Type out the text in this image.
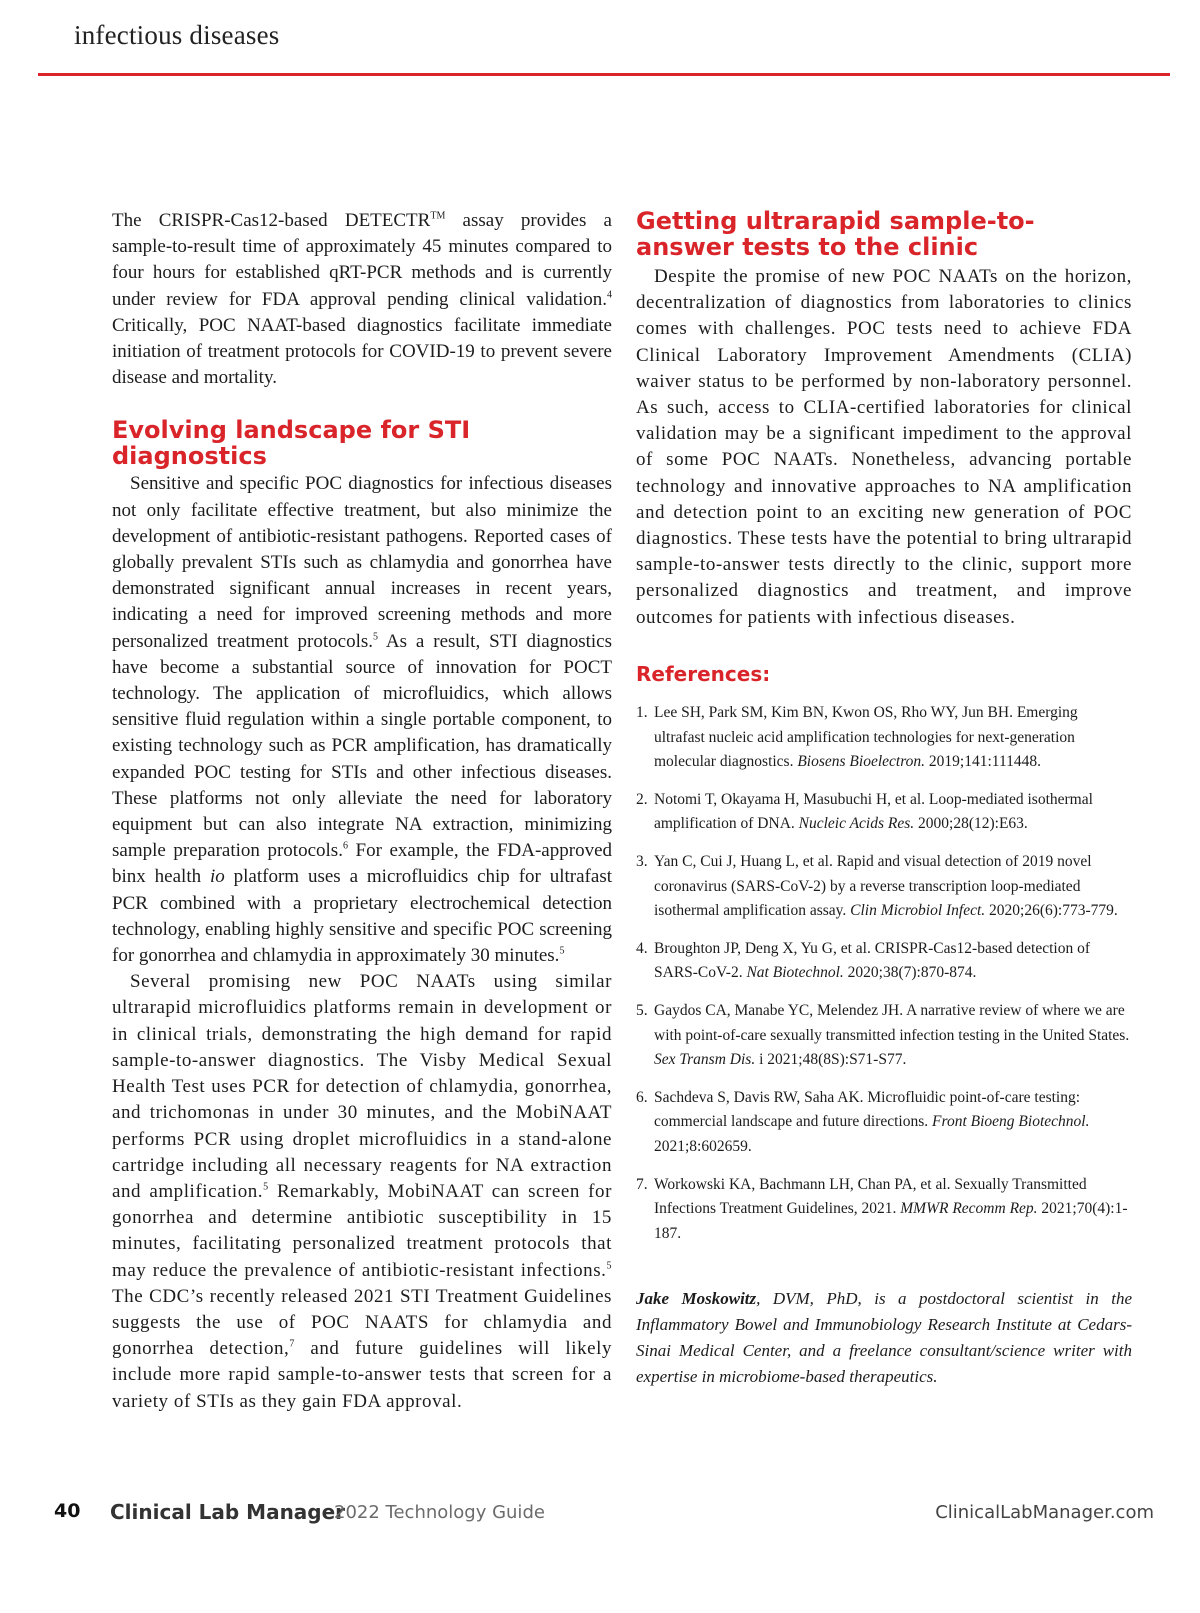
infectious diseases

The CRISPR-Cas12-based DETECTR™ assay provides a sample-to-result time of approximately 45 minutes compared to four hours for established qRT-PCR methods and is currently under review for FDA approval pending clinical validation.$^4$ Critically, POC NAAT-based diagnostics facilitate immediate initiation of treatment protocols for COVID-19 to prevent severe disease and mortality.

Evolving landscape for STI diagnostics

Sensitive and specific POC diagnostics for infectious diseases not only facilitate effective treatment, but also minimize the development of antibiotic-resistant pathogens. Reported cases of globally prevalent STIs such as chlamydia and gonorrhea have demonstrated significant annual increases in recent years, indicating a need for improved screening methods and more personalized treatment protocols.$^5$ As a result, STI diagnostics have become a substantial source of innovation for POCT technology. The application of microfluidics, which allows sensitive fluid regulation within a single portable component, to existing technology such as PCR amplification, has dramatically expanded POC testing for STIs and other infectious diseases. These platforms not only alleviate the need for laboratory equipment but can also integrate NA extraction, minimizing sample preparation protocols.$^6$ For example, the FDA-approved binx health io platform uses a microfluidics chip for ultrafast PCR combined with a proprietary electrochemical detection technology, enabling highly sensitive and specific POC screening for gonorrhea and chlamydia in approximately 30 minutes.$^5$

Several promising new POC NAATs using similar ultrarapid microfluidics platforms remain in development or in clinical trials, demonstrating the high demand for rapid sample-to-answer diagnostics. The Visby Medical Sexual Health Test uses PCR for detection of chlamydia, gonorrhea, and trichomonas in under 30 minutes, and the MobiNAAT performs PCR using droplet microfluidics in a stand-alone cartridge including all necessary reagents for NA extraction and amplification.$^5$ Remarkably, MobiNAAT can screen for gonorrhea and determine antibiotic susceptibility in 15 minutes, facilitating personalized treatment protocols that may reduce the prevalence of antibiotic-resistant infections.$^5$ The CDC’s recently released 2021 STI Treatment Guidelines suggests the use of POC NAATS for chlamydia and gonorrhea detection,$^7$ and future guidelines will likely include more rapid sample-to-answer tests that screen for a variety of STIs as they gain FDA approval.

Getting ultrarapid sample-to-answer tests to the clinic

Despite the promise of new POC NAATs on the horizon, decentralization of diagnostics from laboratories to clinics comes with challenges. POC tests need to achieve FDA Clinical Laboratory Improvement Amendments (CLIA) waiver status to be performed by non-laboratory personnel. As such, access to CLIA-certified laboratories for clinical validation may be a significant impediment to the approval of some POC NAATs. Nonetheless, advancing portable technology and innovative approaches to NA amplification and detection point to an exciting new generation of POC diagnostics. These tests have the potential to bring ultrarapid sample-to-answer tests directly to the clinic, support more personalized diagnostics and treatment, and improve outcomes for patients with infectious diseases.

References:
1. Lee SH, Park SM, Kim BN, Kwon OS, Rho WY, Jun BH. Emerging ultrafast nucleic acid amplification technologies for next-generation molecular diagnostics. Biosens Bioelectron. 2019;141:111448.
2. Notomi T, Okayama H, Masubuchi H, et al. Loop-mediated isothermal amplification of DNA. Nucleic Acids Res. 2000;28(12):E63.
3. Yan C, Cui J, Huang L, et al. Rapid and visual detection of 2019 novel coronavirus (SARS-CoV-2) by a reverse transcription loop-mediated isothermal amplification assay. Clin Microbiol Infect. 2020;26(6):773-779.
4. Broughton JP, Deng X, Yu G, et al. CRISPR-Cas12-based detection of SARS-CoV-2. Nat Biotechnol. 2020;38(7):870-874.
5. Gaydos CA, Manabe YC, Melendez JH. A narrative review of where we are with point-of-care sexually transmitted infection testing in the United States. Sex Transm Dis. i 2021;48(8S):S71-S77.
6. Sachdeva S, Davis RW, Saha AK. Microfluidic point-of-care testing: commercial landscape and future directions. Front Bioeng Biotechnol. 2021;8:602659.
7. Workowski KA, Bachmann LH, Chan PA, et al. Sexually Transmitted Infections Treatment Guidelines, 2021. MMWR Recomm Rep. 2021;70(4):1-187.

Jake Moskowitz, DVM, PhD, is a postdoctoral scientist in the Inflammatory Bowel and Immunobiology Research Institute at Cedars-Sinai Medical Center, and a freelance consultant/science writer with expertise in microbiome-based therapeutics.

40 Clinical Lab Manager
2022 Technology Guide	ClinicalLabManager.com
